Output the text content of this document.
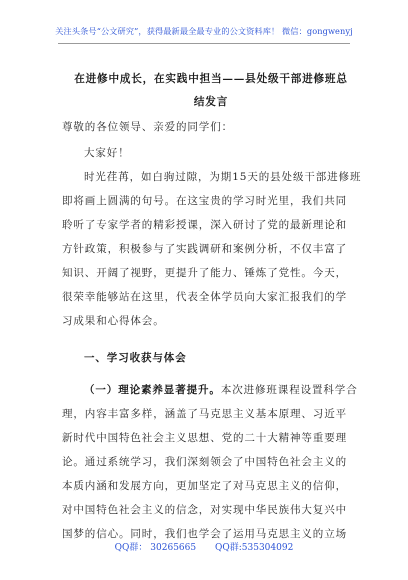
关注头条号“公文研究”，获得最新最全最专业的公文资料库！ 微信：gongwenyj
在进修中成长，在实践中担当——县处级干部进修班总结发言
尊敬的各位领导、亲爱的同学们：
大家好！
时光荏苒，如白驹过隙，为期15天的县处级干部进修班
即将画上圆满的句号。在这宝贵的学习时光里，我们共同
聆听了专家学者的精彩授课，深入研讨了党的最新理论和
方针政策，积极参与了实践调研和案例分析，不仅丰富了
知识、开阔了视野，更提升了能力、锤炼了党性。今天，
很荣幸能够站在这里，代表全体学员向大家汇报我们的学
习成果和心得体会。
一、学习收获与体会
（一）理论素养显著提升。本次进修班课程设置科学合
理，内容丰富多样，涵盖了马克思主义基本原理、习近平
新时代中国特色社会主义思想、党的二十大精神等重要理
论。通过系统学习，我们深刻领会了中国特色社会主义的
本质内涵和发展方向，更加坚定了对马克思主义的信仰，
对中国特色社会主义的信念，对实现中华民族伟大复兴中
国梦的信心。同时，我们也学会了运用马克思主义的立场
QQ群： 30265665 QQ群:535304092
